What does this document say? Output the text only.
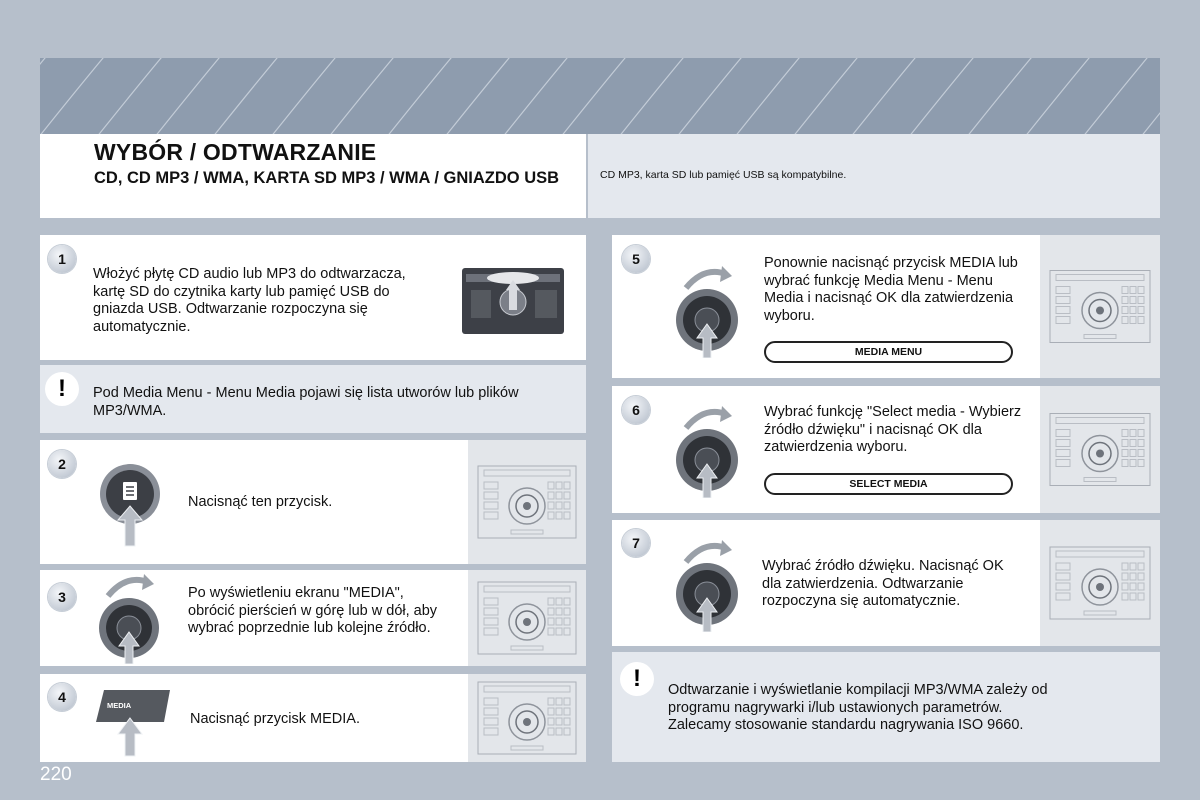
WYBÓR / ODTWARZANIE
CD, CD MP3 / WMA, KARTA SD MP3 / WMA / GNIAZDO USB	CD MP3, karta SD lub pamięć USB są kompatybilne.
1
Włożyć płytę CD audio lub MP3 do odtwarzacza, kartę SD do czytnika karty lub pamięć USB do gniazda USB. Odtwarzanie rozpoczyna się automatycznie.
!	Pod Media Menu - Menu Media pojawi się lista utworów lub plików MP3/WMA.
2
Nacisnąć ten przycisk.
3	Po wyświetleniu ekranu "MEDIA", obrócić pierścień w górę lub w dół, aby wybrać poprzednie lub kolejne źródło.
4
MEDIA
Nacisnąć przycisk MEDIA.
5	Ponownie nacisnąć przycisk MEDIA lub wybrać funkcję Media Menu - Menu Media i nacisnąć OK dla zatwierdzenia wyboru.
MEDIA MENU
6	Wybrać funkcję "Select media - Wybierz źródło dźwięku" i nacisnąć OK dla zatwierdzenia wyboru.
SELECT MEDIA
7
Wybrać źródło dźwięku. Nacisnąć OK dla zatwierdzenia. Odtwarzanie rozpoczyna się automatycznie.
!	Odtwarzanie i wyświetlanie kompilacji MP3/WMA zależy od programu nagrywarki i/lub ustawionych parametrów. Zalecamy stosowanie standardu nagrywania ISO 9660.
220
